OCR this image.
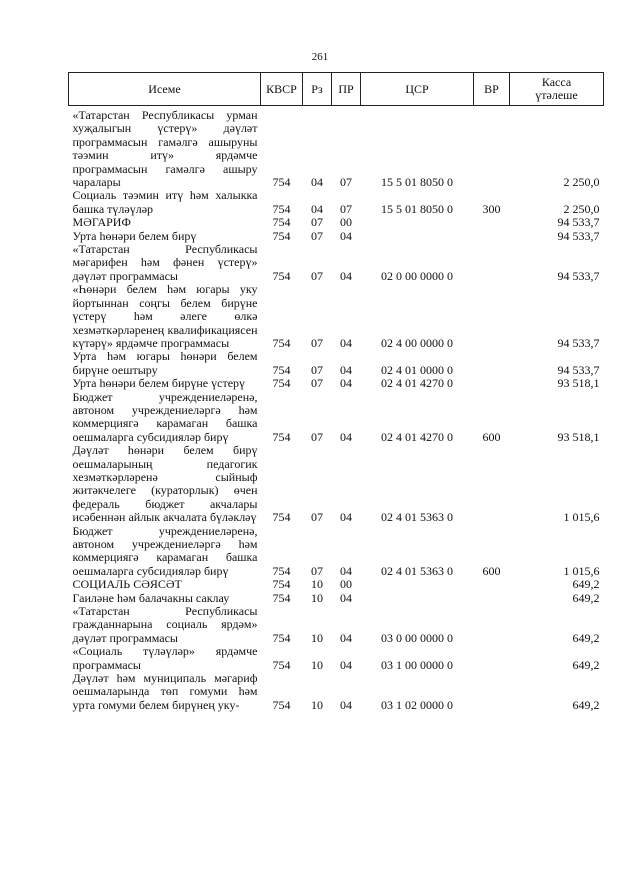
261
Исеме	КВСР	Рз	ПР	ЦСР	ВР	Касса
үтәлеше

«Татарстан Республикасы урман хуҗалыгын үстерү» дәүләт программасын гамәлгә ашыруны тәэмин итү» ярдәмче программасын гамәлгә ашыру чаралары	754	04	07	15 5 01 8050 0		2 250,0
Социаль тәэмин итү һәм халыкка башка түләүләр	754	04	07	15 5 01 8050 0	300	2 250,0
МӘГАРИФ	754	07	00			94 533,7
Урта һөнәри белем бирү	754	07	04			94 533,7
«Татарстан Республикасы мәгарифен һәм фәнен үстерү» дәүләт программасы	754	07	04	02 0 00 0000 0		94 533,7
«Һөнәри белем һәм югары уку йортыннан соңгы белем бирүне үстерү һәм әлеге өлкә хезмәткәрләренең квалификациясен күтәрү» ярдәмче программасы	754	07	04	02 4 00 0000 0		94 533,7
Урта һәм югары һөнәри белем бирүне оештыру	754	07	04	02 4 01 0000 0		94 533,7
Урта һөнәри белем бирүне үстерү	754	07	04	02 4 01 4270 0		93 518,1
Бюджет учреждениеләренә, автоном учреждениеләргә һәм коммерциягә карамаган башка оешмаларга субсидияләр бирү	754	07	04	02 4 01 4270 0	600	93 518,1
Дәүләт һөнәри белем бирү оешмаларының педагогик хезмәткәрләренә сыйныф житәкчелеге (кураторлык) өчен федераль бюджет акчалары исәбеннән айлык акчалата бүләкләү	754	07	04	02 4 01 5363 0		1 015,6
Бюджет учреждениеләренә, автоном учреждениеләргә һәм коммерциягә карамаган башка оешмаларга субсидияләр бирү	754	07	04	02 4 01 5363 0	600	1 015,6
СОЦИАЛЬ СӘЯСӘТ	754	10	00			649,2
Гаиләне һәм балачакны саклау	754	10	04			649,2
«Татарстан Республикасы гражданнарына социаль ярдәм» дәүләт программасы	754	10	04	03 0 00 0000 0		649,2
«Социаль түләүләр» ярдәмче программасы	754	10	04	03 1 00 0000 0		649,2
Дәүләт һәм муниципаль мәгариф оешмаларында төп гомуми һәм урта гомуми белем бирүнең уку-	754	10	04	03 1 02 0000 0		649,2
